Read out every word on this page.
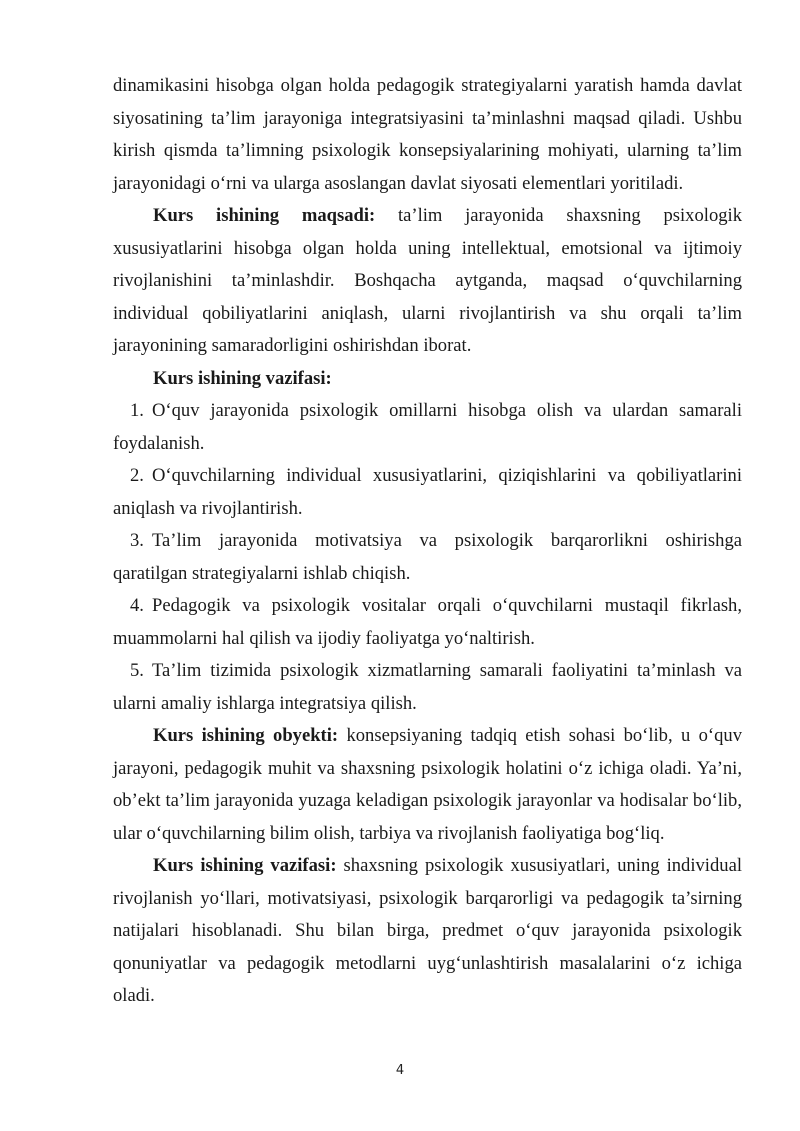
dinamikasini hisobga olgan holda pedagogik strategiyalarni yaratish hamda davlat siyosatining ta’lim jarayoniga integratsiyasini ta’minlashni maqsad qiladi. Ushbu kirish qismda ta’limning psixologik konsepsiyalarining mohiyati, ularning ta’lim jarayonidagi o‘rni va ularga asoslangan davlat siyosati elementlari yoritiladi.

Kurs ishining maqsadi: ta’lim jarayonida shaxsning psixologik xususiyatlarini hisobga olgan holda uning intellektual, emotsional va ijtimoiy rivojlanishini ta’minlashdir. Boshqacha aytganda, maqsad o‘quvchilarning individual qobiliyatlarini aniqlash, ularni rivojlantirish va shu orqali ta’lim jarayonining samaradorligini oshirishdan iborat.

Kurs ishining vazifasi:

1. O‘quv jarayonida psixologik omillarni hisobga olish va ulardan samarali foydalanish.
2. O‘quvchilarning individual xususiyatlarini, qiziqishlarini va qobiliyatlarini aniqlash va rivojlantirish.
3. Ta’lim jarayonida motivatsiya va psixologik barqarorlikni oshirishga qaratilgan strategiyalarni ishlab chiqish.
4. Pedagogik va psixologik vositalar orqali o‘quvchilarni mustaqil fikrlash, muammolarni hal qilish va ijodiy faoliyatga yo‘naltirish.
5. Ta’lim tizimida psixologik xizmatlarning samarali faoliyatini ta’minlash va ularni amaliy ishlarga integratsiya qilish.

Kurs ishining obyekti: konsepsiyaning tadqiq etish sohasi bo‘lib, u o‘quv jarayoni, pedagogik muhit va shaxsning psixologik holatini o‘z ichiga oladi. Ya’ni, ob’ekt ta’lim jarayonida yuzaga keladigan psixologik jarayonlar va hodisalar bo‘lib, ular o‘quvchilarning bilim olish, tarbiya va rivojlanish faoliyatiga bog‘liq.

Kurs ishining vazifasi: shaxsning psixologik xususiyatlari, uning individual rivojlanish yo‘llari, motivatsiyasi, psixologik barqarorligi va pedagogik ta’sirning natijalari hisoblanadi. Shu bilan birga, predmet o‘quv jarayonida psixologik qonuniyatlar va pedagogik metodlarni uyg‘unlashtirish masalalarini o‘z ichiga oladi.

4
